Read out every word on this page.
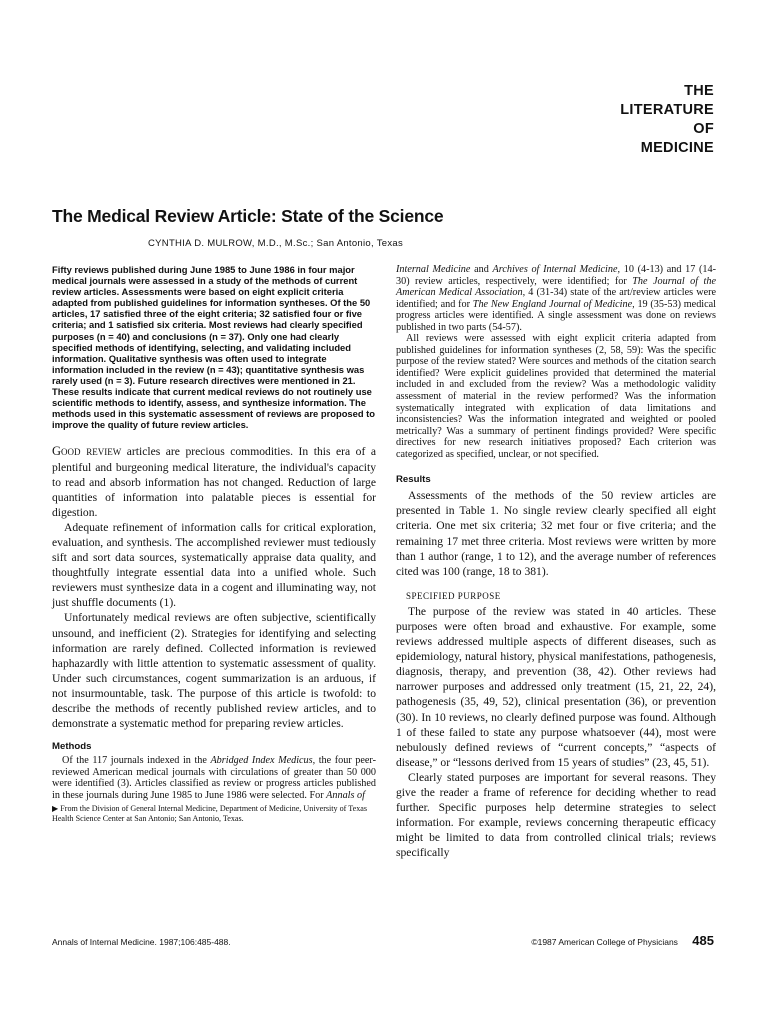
THE
LITERATURE
OF
MEDICINE
The Medical Review Article: State of the Science
CYNTHIA D. MULROW, M.D., M.Sc.; San Antonio, Texas

Fifty reviews published during June 1985 to June 1986 in four major medical journals were assessed in a study of the methods of current review articles. Assessments were based on eight explicit criteria adapted from published guidelines for information syntheses. Of the 50 articles, 17 satisfied three of the eight criteria; 32 satisfied four or five criteria; and 1 satisfied six criteria. Most reviews had clearly specified purposes (n = 40) and conclusions (n = 37). Only one had clearly specified methods of identifying, selecting, and validating included information. Qualitative synthesis was often used to integrate information included in the review (n = 43); quantitative synthesis was rarely used (n = 3). Future research directives were mentioned in 21. These results indicate that current medical reviews do not routinely use scientific methods to identify, assess, and synthesize information. The methods used in this systematic assessment of reviews are proposed to improve the quality of future review articles.

Good review articles are precious commodities. In this era of a plentiful and burgeoning medical literature, the individual's capacity to read and absorb information has not changed. Reduction of large quantities of information into palatable pieces is essential for digestion.

Adequate refinement of information calls for critical exploration, evaluation, and synthesis. The accomplished reviewer must tediously sift and sort data sources, systematically appraise data quality, and thoughtfully integrate essential data into a unified whole. Such reviewers must synthesize data in a cogent and illuminating way, not just shuffle documents (1).

Unfortunately medical reviews are often subjective, scientifically unsound, and inefficient (2). Strategies for identifying and selecting information are rarely defined. Collected information is reviewed haphazardly with little attention to systematic assessment of quality. Under such circumstances, cogent summarization is an arduous, if not insurmountable, task. The purpose of this article is twofold: to describe the methods of recently published review articles, and to demonstrate a systematic method for preparing review articles.

Methods

Of the 117 journals indexed in the Abridged Index Medicus, the four peer-reviewed American medical journals with circulations of greater than 50 000 were identified (3). Articles classified as review or progress articles published in these journals during June 1985 to June 1986 were selected. For Annals of

▶ From the Division of General Internal Medicine, Department of Medicine, University of Texas Health Science Center at San Antonio; San Antonio, Texas.

Internal Medicine and Archives of Internal Medicine, 10 (4-13) and 17 (14-30) review articles, respectively, were identified; for The Journal of the American Medical Association, 4 (31-34) state of the art/review articles were identified; and for The New England Journal of Medicine, 19 (35-53) medical progress articles were identified. A single assessment was done on reviews published in two parts (54-57).

All reviews were assessed with eight explicit criteria adapted from published guidelines for information syntheses (2, 58, 59): Was the specific purpose of the review stated? Were sources and methods of the citation search identified? Were explicit guidelines provided that determined the material included in and excluded from the review? Was a methodologic validity assessment of material in the review performed? Was the information systematically integrated with explication of data limitations and inconsistencies? Was the information integrated and weighted or pooled metrically? Was a summary of pertinent findings provided? Were specific directives for new research initiatives proposed? Each criterion was categorized as specified, unclear, or not specified.

Results

Assessments of the methods of the 50 review articles are presented in Table 1. No single review clearly specified all eight criteria. One met six criteria; 32 met four or five criteria; and the remaining 17 met three criteria. Most reviews were written by more than 1 author (range, 1 to 12), and the average number of references cited was 100 (range, 18 to 381).

SPECIFIED PURPOSE

The purpose of the review was stated in 40 articles. These purposes were often broad and exhaustive. For example, some reviews addressed multiple aspects of different diseases, such as epidemiology, natural history, physical manifestations, pathogenesis, diagnosis, therapy, and prevention (38, 42). Other reviews had narrower purposes and addressed only treatment (15, 21, 22, 24), pathogenesis (35, 49, 52), clinical presentation (36), or prevention (30). In 10 reviews, no clearly defined purpose was found. Although 1 of these failed to state any purpose whatsoever (44), most were nebulously defined reviews of “current concepts,” “aspects of disease,” or “lessons derived from 15 years of studies” (23, 45, 51).

Clearly stated purposes are important for several reasons. They give the reader a frame of reference for deciding whether to read further. Specific purposes help determine strategies to select information. For example, reviews concerning therapeutic efficacy might be limited to data from controlled clinical trials; reviews specifically

Annals of Internal Medicine. 1987;106:485-488.	©1987 American College of Physicians 485
